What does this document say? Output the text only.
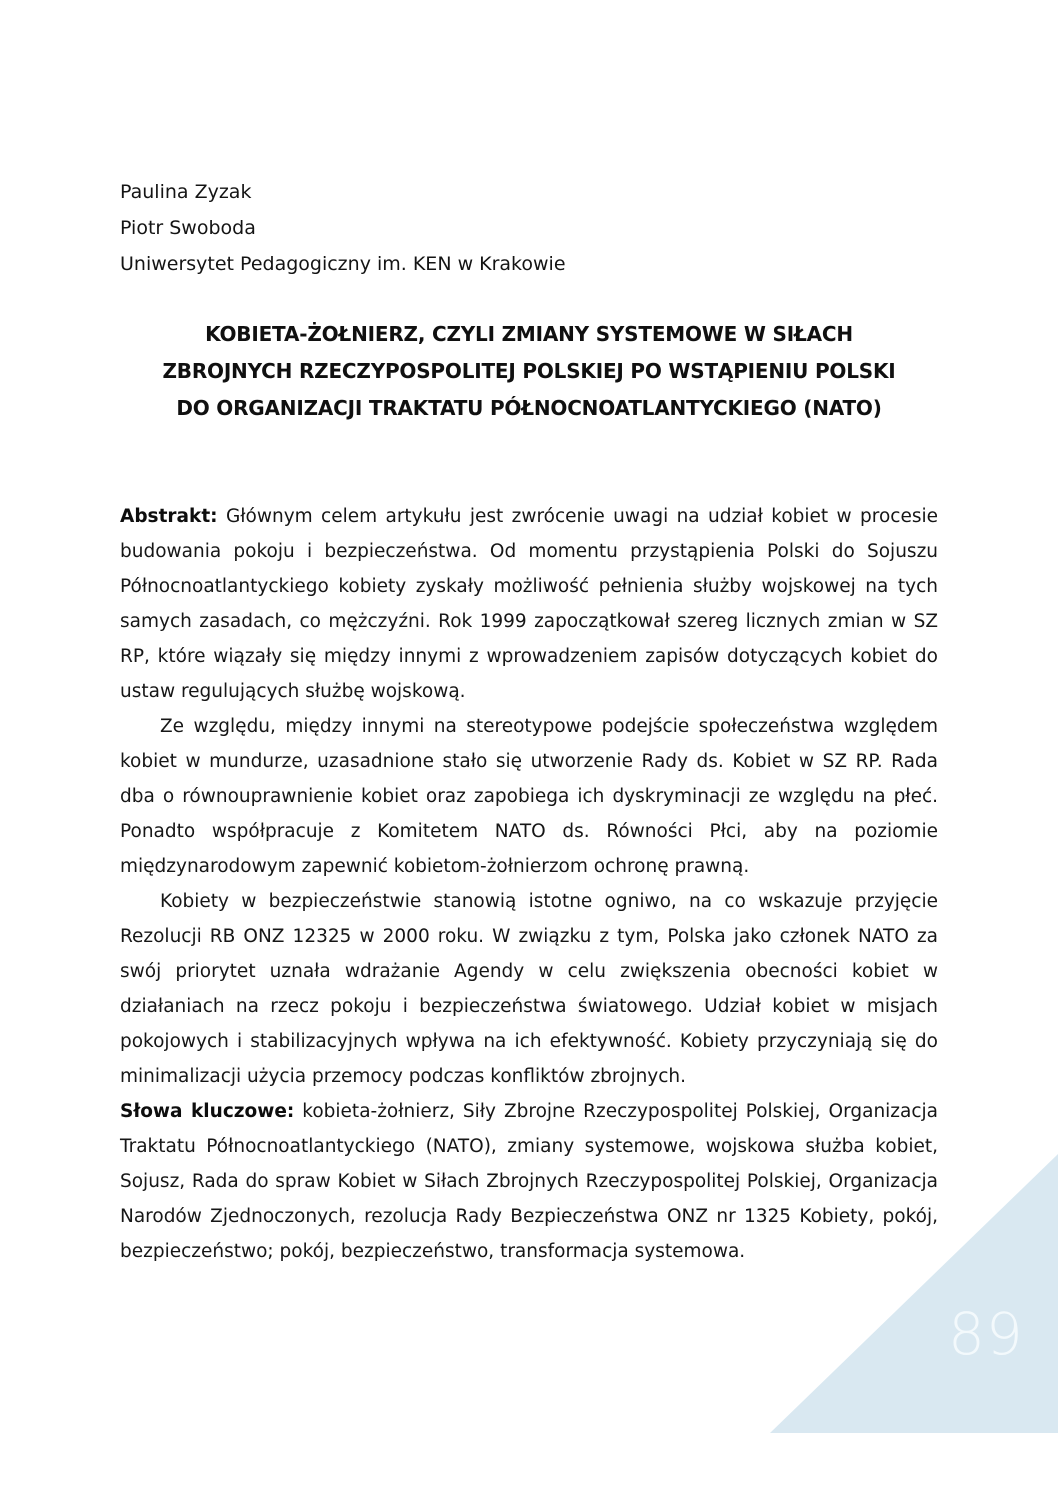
Paulina Zyzak
Piotr Swoboda
Uniwersytet Pedagogiczny im. KEN w Krakowie
KOBIETA-ŻOŁNIERZ, CZYLI ZMIANY SYSTEMOWE W SIŁACH ZBROJNYCH RZECZYPOSPOLITEJ POLSKIEJ PO WSTĄPIENIU POLSKI DO ORGANIZACJI TRAKTATU PÓŁNOCNOATLANTYCKIEGO (NATO)

Abstrakt: Głównym celem artykułu jest zwrócenie uwagi na udział kobiet w procesie budowania pokoju i bezpieczeństwa. Od momentu przystąpienia Polski do Sojuszu Północnoatlantyckiego kobiety zyskały możliwość pełnienia służby wojskowej na tych samych zasadach, co mężczyźni. Rok 1999 zapoczątkował szereg licznych zmian w SZ RP, które wiązały się między innymi z wprowadzeniem zapisów dotyczących kobiet do ustaw regulujących służbę wojskową.

Ze względu, między innymi na stereotypowe podejście społeczeństwa względem kobiet w mundurze, uzasadnione stało się utworzenie Rady ds. Kobiet w SZ RP. Rada dba o równouprawnienie kobiet oraz zapobiega ich dyskryminacji ze względu na płeć. Ponadto współpracuje z Komitetem NATO ds. Równości Płci, aby na poziomie międzynarodowym zapewnić kobietom-żołnierzom ochronę prawną.

Kobiety w bezpieczeństwie stanowią istotne ogniwo, na co wskazuje przyjęcie Rezolucji RB ONZ 12325 w 2000 roku. W związku z tym, Polska jako członek NATO za swój priorytet uznała wdrażanie Agendy w celu zwiększenia obecności kobiet w działaniach na rzecz pokoju i bezpieczeństwa światowego. Udział kobiet w misjach pokojowych i stabilizacyjnych wpływa na ich efektywność. Kobiety przyczyniają się do minimalizacji użycia przemocy podczas konfliktów zbrojnych.

Słowa kluczowe: kobieta-żołnierz, Siły Zbrojne Rzeczypospolitej Polskiej, Organizacja Traktatu Północnoatlantyckiego (NATO), zmiany systemowe, wojskowa służba kobiet, Sojusz, Rada do spraw Kobiet w Siłach Zbrojnych Rzeczypospolitej Polskiej, Organizacja Narodów Zjednoczonych, rezolucja Rady Bezpieczeństwa ONZ nr 1325 Kobiety, pokój, bezpieczeństwo; pokój, bezpieczeństwo, transformacja systemowa.

89
